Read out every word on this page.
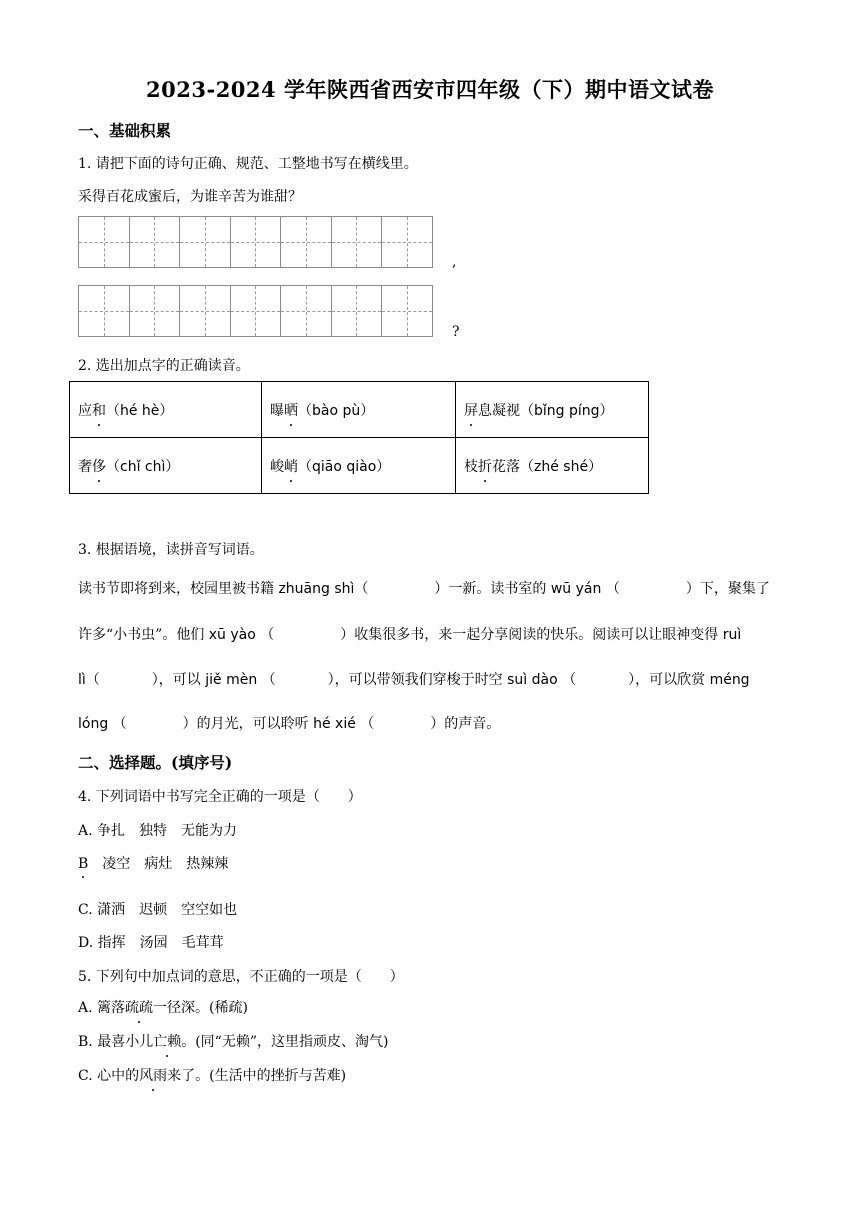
2023-2024 学年陕西省西安市四年级（下）期中语文试卷
一、基础积累
1. 请把下面的诗句正确、规范、工整地书写在横线里。
采得百花成蜜后，为谁辛苦为谁甜？
,
?
2. 选出加点字的正确读音。
应和（hé hè）	曝晒（bào pù）	屏息凝视（bǐng píng）
奢侈（chǐ chì）	峻峭（qiāo qiào）	枝折花落（zhé shé）
3. 根据语境，读拼音写词语。
读书节即将到来，校园里被书籍 zhuāng shì（	）一新。读书室的 wū yán （	）下，聚集了
许多“小书虫”。他们 xū yào （	）收集很多书，来一起分享阅读的快乐。阅读可以让眼神变得 ruì
lì（	），可以 jiě mèn （	），可以带领我们穿梭于时空 suì dào （	），可以欣赏 méng
lóng （	）的月光，可以聆听 hé xié （	）的声音。
二、选择题。(填序号)
4. 下列词语中书写完全正确的一项是（　　）
A. 争扎　独特　无能为力
B　 凌空　病灶　热辣辣
C. 潇洒　迟顿　空空如也
D. 指挥　汤园　毛茸茸
5. 下列句中加点词的意思，不正确的一项是（　　）
A. 篱落疏疏一径深。(稀疏)
B. 最喜小儿亡赖。(同“无赖”，这里指顽皮、淘气)
C. 心中的风雨来了。(生活中的挫折与苦难)
